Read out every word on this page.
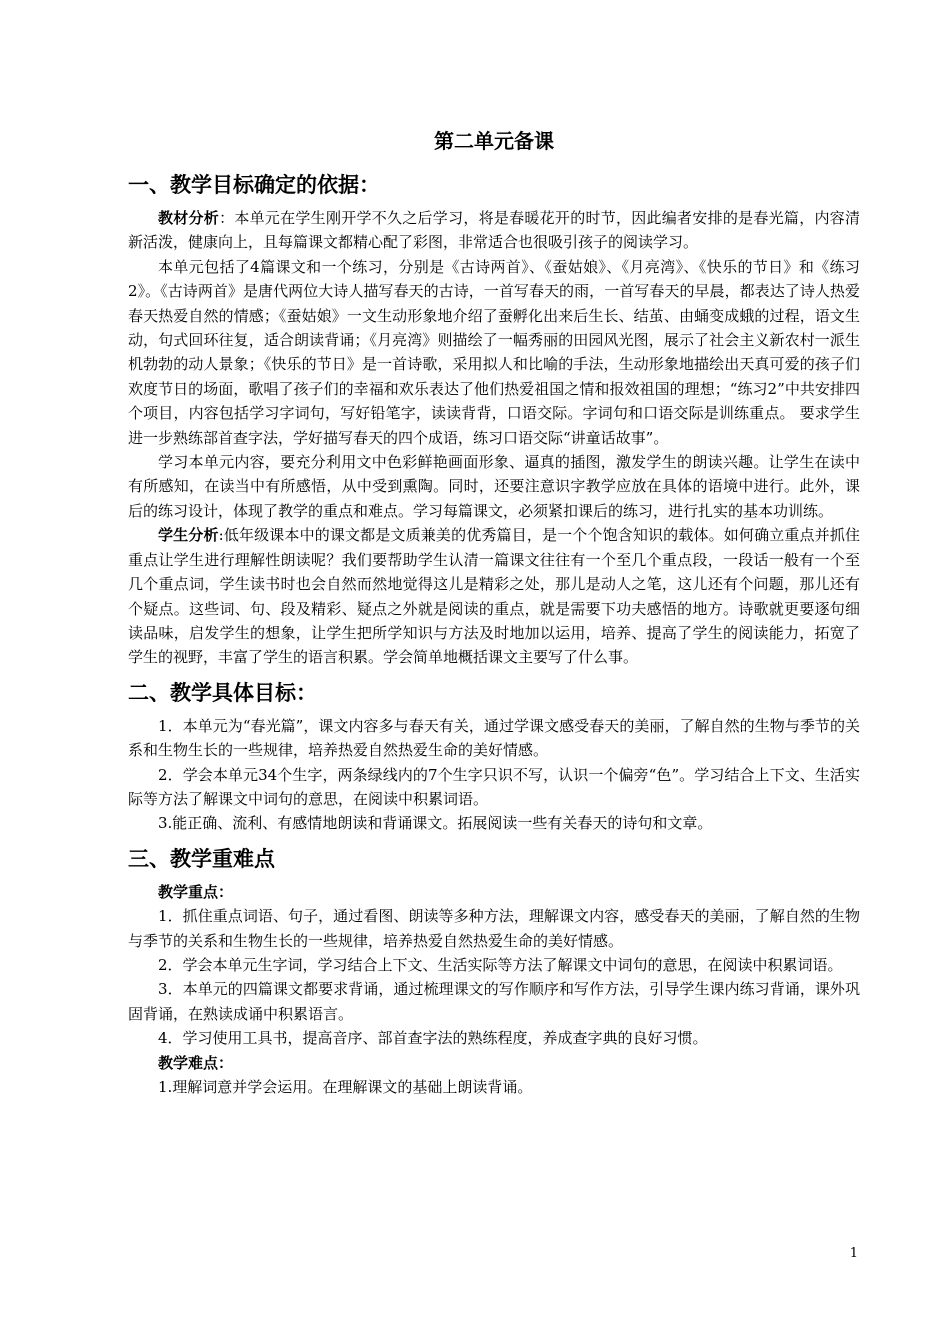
第二单元备课
一、教学目标确定的依据：

教材分析：本单元在学生刚开学不久之后学习，将是春暖花开的时节，因此编者安排的是春光篇，内容清新活泼，健康向上，且每篇课文都精心配了彩图，非常适合也很吸引孩子的阅读学习。

本单元包括了4篇课文和一个练习，分别是《古诗两首》、《蚕姑娘》、《月亮湾》、《快乐的节日》和《练习2》。《古诗两首》是唐代两位大诗人描写春天的古诗，一首写春天的雨，一首写春天的早晨，都表达了诗人热爱春天热爱自然的情感；《蚕姑娘》一文生动形象地介绍了蚕孵化出来后生长、结茧、由蛹变成蛾的过程，语文生动，句式回环往复，适合朗读背诵；《月亮湾》则描绘了一幅秀丽的田园风光图，展示了社会主义新农村一派生机勃勃的动人景象；《快乐的节日》是一首诗歌，采用拟人和比喻的手法，生动形象地描绘出天真可爱的孩子们欢度节日的场面，歌唱了孩子们的幸福和欢乐表达了他们热爱祖国之情和报效祖国的理想；“练习2”中共安排四个项目，内容包括学习字词句，写好铅笔字，读读背背，口语交际。字词句和口语交际是训练重点。 要求学生进一步熟练部首查字法，学好描写春天的四个成语，练习口语交际“讲童话故事”。

学习本单元内容，要充分利用文中色彩鲜艳画面形象、逼真的插图，激发学生的朗读兴趣。让学生在读中有所感知，在读当中有所感悟，从中受到熏陶。同时，还要注意识字教学应放在具体的语境中进行。此外，课后的练习设计，体现了教学的重点和难点。学习每篇课文，必须紧扣课后的练习，进行扎实的基本功训练。

学生分析:低年级课本中的课文都是文质兼美的优秀篇目，是一个个饱含知识的载体。如何确立重点并抓住重点让学生进行理解性朗读呢？我们要帮助学生认清一篇课文往往有一个至几个重点段，一段话一般有一个至几个重点词，学生读书时也会自然而然地觉得这儿是精彩之处，那儿是动人之笔，这儿还有个问题，那儿还有个疑点。这些词、句、段及精彩、疑点之外就是阅读的重点，就是需要下功夫感悟的地方。诗歌就更要逐句细读品味，启发学生的想象，让学生把所学知识与方法及时地加以运用，培养、提高了学生的阅读能力，拓宽了学生的视野，丰富了学生的语言积累。学会简单地概括课文主要写了什么事。

二、教学具体目标：

1．本单元为“春光篇”，课文内容多与春天有关，通过学课文感受春天的美丽，了解自然的生物与季节的关系和生物生长的一些规律，培养热爱自然热爱生命的美好情感。

2．学会本单元34个生字，两条绿线内的7个生字只识不写，认识一个偏旁“色”。学习结合上下文、生活实际等方法了解课文中词句的意思，在阅读中积累词语。

3.能正确、流利、有感情地朗读和背诵课文。拓展阅读一些有关春天的诗句和文章。

三、教学重难点
教学重点：

1．抓住重点词语、句子，通过看图、朗读等多种方法，理解课文内容，感受春天的美丽，了解自然的生物与季节的关系和生物生长的一些规律，培养热爱自然热爱生命的美好情感。

2．学会本单元生字词，学习结合上下文、生活实际等方法了解课文中词句的意思，在阅读中积累词语。

3．本单元的四篇课文都要求背诵，通过梳理课文的写作顺序和写作方法，引导学生课内练习背诵，课外巩固背诵，在熟读成诵中积累语言。

4．学习使用工具书，提高音序、部首查字法的熟练程度，养成查字典的良好习惯。

教学难点：

1.理解词意并学会运用。在理解课文的基础上朗读背诵。

1
